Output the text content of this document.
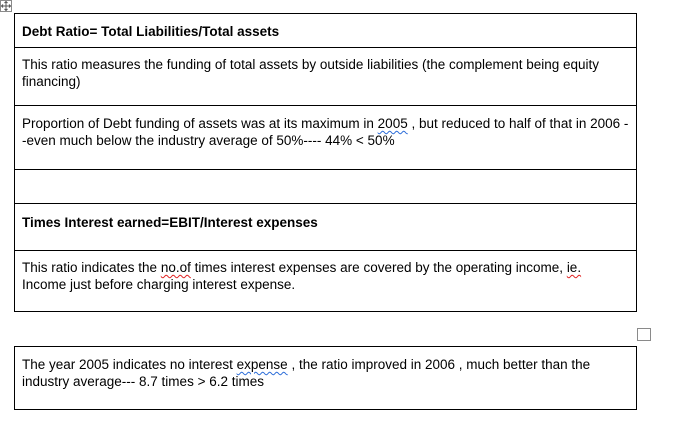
Debt Ratio= Total Liabilities/Total assets
This ratio measures the funding of total assets by outside liabilities (the complement being equity financing)
Proportion of Debt funding of assets was at its maximum in 2005 , but reduced to half of that in 2006 --even much below the industry average of 50%---- 44% < 50%
Times Interest earned=EBIT/Interest expenses
This ratio indicates the no.of times interest expenses are covered by the operating income, ie. Income just before charging interest expense.
The year 2005 indicates no interest expense , the ratio improved in 2006 , much better than the industry average--- 8.7 times > 6.2 times
